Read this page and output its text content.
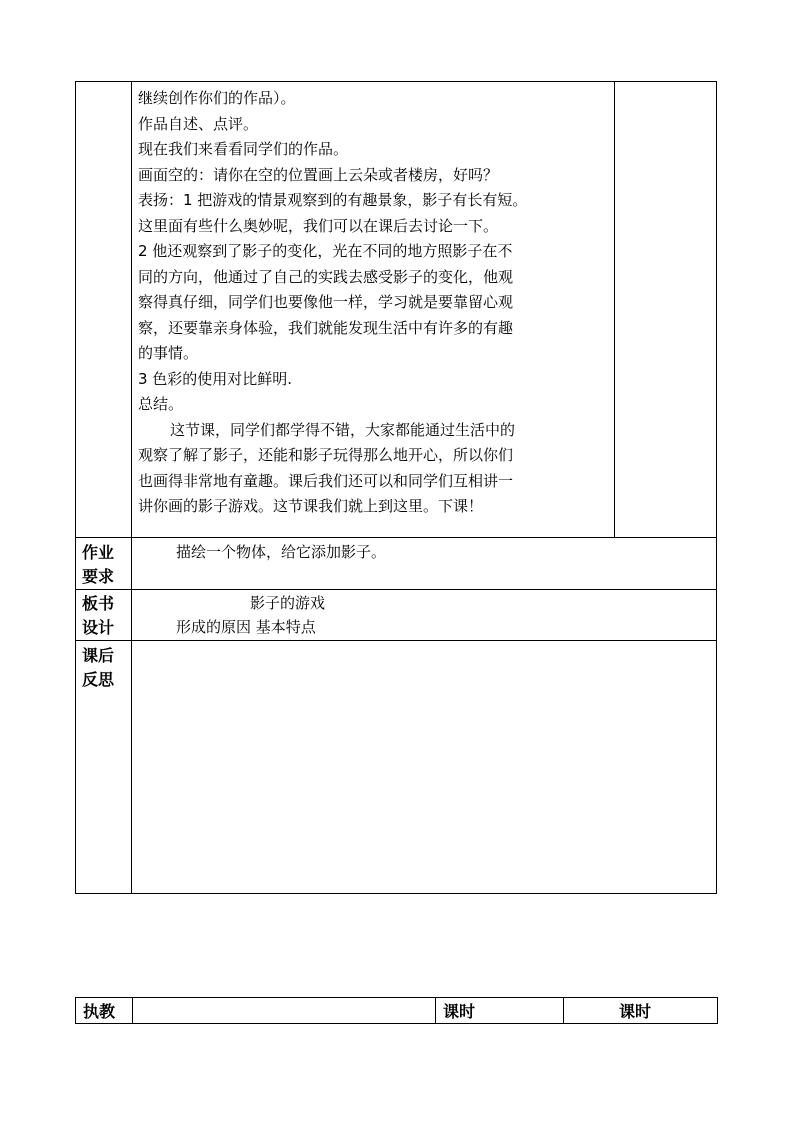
继续创作你们的作品）。
作品自述、点评。
现在我们来看看同学们的作品。
画面空的：请你在空的位置画上云朵或者楼房，好吗？
表扬：1 把游戏的情景观察到的有趣景象，影子有长有短。
这里面有些什么奥妙呢，我们可以在课后去讨论一下。
2 他还观察到了影子的变化，光在不同的地方照影子在不
同的方向，他通过了自己的实践去感受影子的变化，他观
察得真仔细，同学们也要像他一样，学习就是要靠留心观
察，还要靠亲身体验，我们就能发现生活中有许多的有趣
的事情。
3 色彩的使用对比鲜明.
总结。
这节课，同学们都学得不错，大家都能通过生活中的
观察了解了影子，还能和影子玩得那么地开心，所以你们
也画得非常地有童趣。课后我们还可以和同学们互相讲一
讲你画的影子游戏。这节课我们就上到这里。下课！
作业
要求
描绘一个物体，给它添加影子。
板书
设计
影子的游戏
形成的原因 基本特点
课后
反思
执教	课时	课时
